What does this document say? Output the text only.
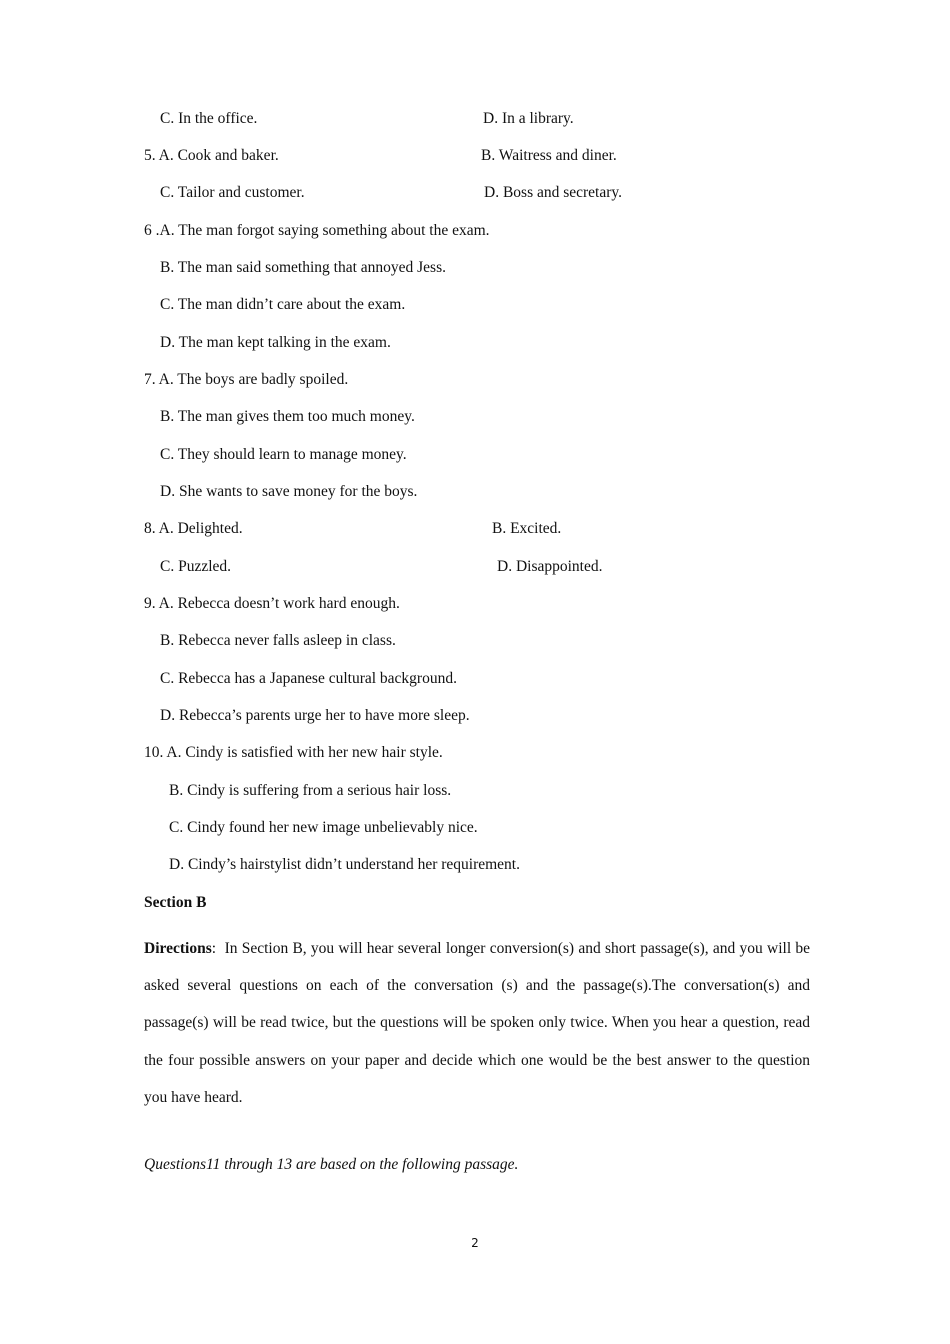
C. In the office.	D. In a library.
5. A. Cook and baker.	B. Waitress and diner.
C. Tailor and customer.	D. Boss and secretary.
6 .A. The man forgot saying something about the exam.
B. The man said something that annoyed Jess.
C. The man didn’t care about the exam.
D. The man kept talking in the exam.
7. A. The boys are badly spoiled.
B. The man gives them too much money.
C. They should learn to manage money.
D. She wants to save money for the boys.
8. A. Delighted.	B. Excited.
C. Puzzled.	D. Disappointed.
9. A. Rebecca doesn’t work hard enough.
B. Rebecca never falls asleep in class.
C. Rebecca has a Japanese cultural background.
D. Rebecca’s parents urge her to have more sleep.
10. A. Cindy is satisfied with her new hair style.
B. Cindy is suffering from a serious hair loss.
C. Cindy found her new image unbelievably nice.
D. Cindy’s hairstylist didn’t understand her requirement.
Section B
Directions: In Section B, you will hear several longer conversion(s) and short passage(s), and you will be asked several questions on each of the conversation (s) and the passage(s).The conversation(s) and passage(s) will be read twice, but the questions will be spoken only twice. When you hear a question, read the four possible answers on your paper and decide which one would be the best answer to the question you have heard.
Questions11 through 13 are based on the following passage.
2
